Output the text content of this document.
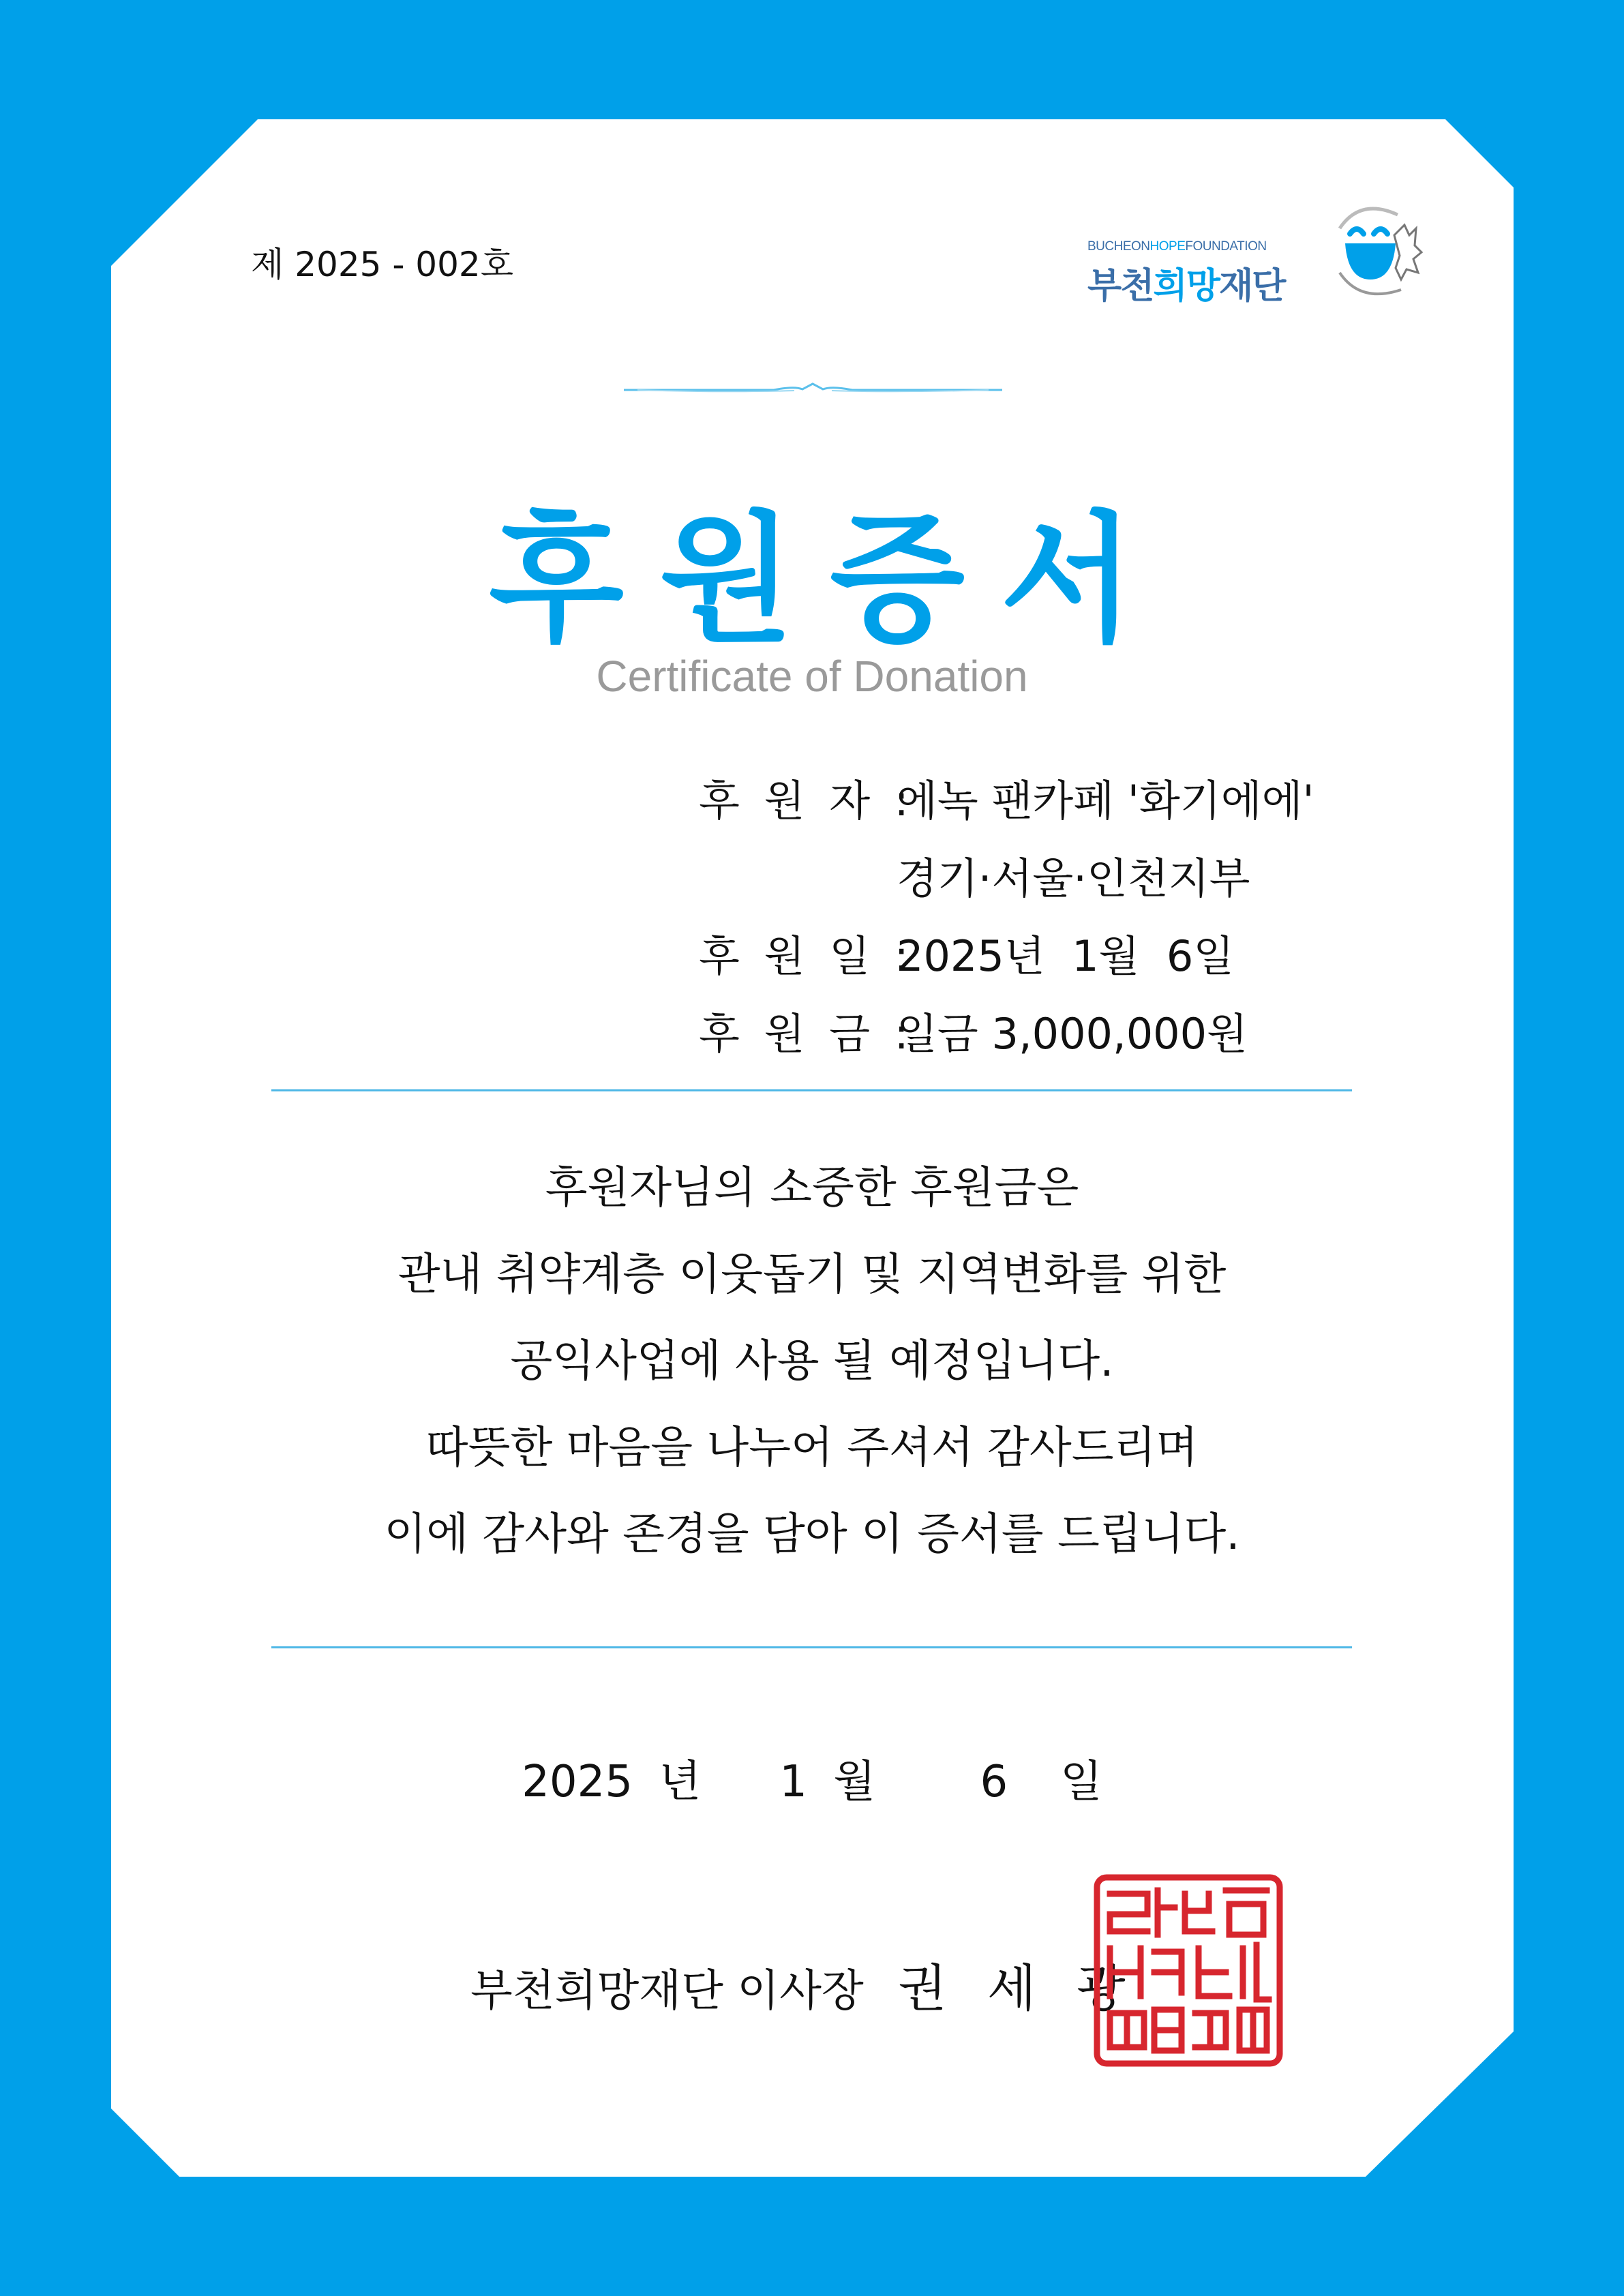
제 2025 - 002호	BUCHEONHOPEFOUNDATION
부천희망재단
후원증서
Certificate of Donation
후 원 자 :
에녹 팬카페 '화기에에'
경기·서울·인천지부
후 원 일 :
2025년  1월  6일
후 원 금 :
일금 3,000,000원
후원자님의 소중한 후원금은
관내 취약계층 이웃돕기 및 지역변화를 위한
공익사업에 사용 될 예정입니다.
따뜻한 마음을 나누어 주셔서 감사드리며
이에 감사와 존경을 담아 이 증서를 드립니다.
2025 년   1 월    6  일
부천희망재단 이사장 권 세 광
